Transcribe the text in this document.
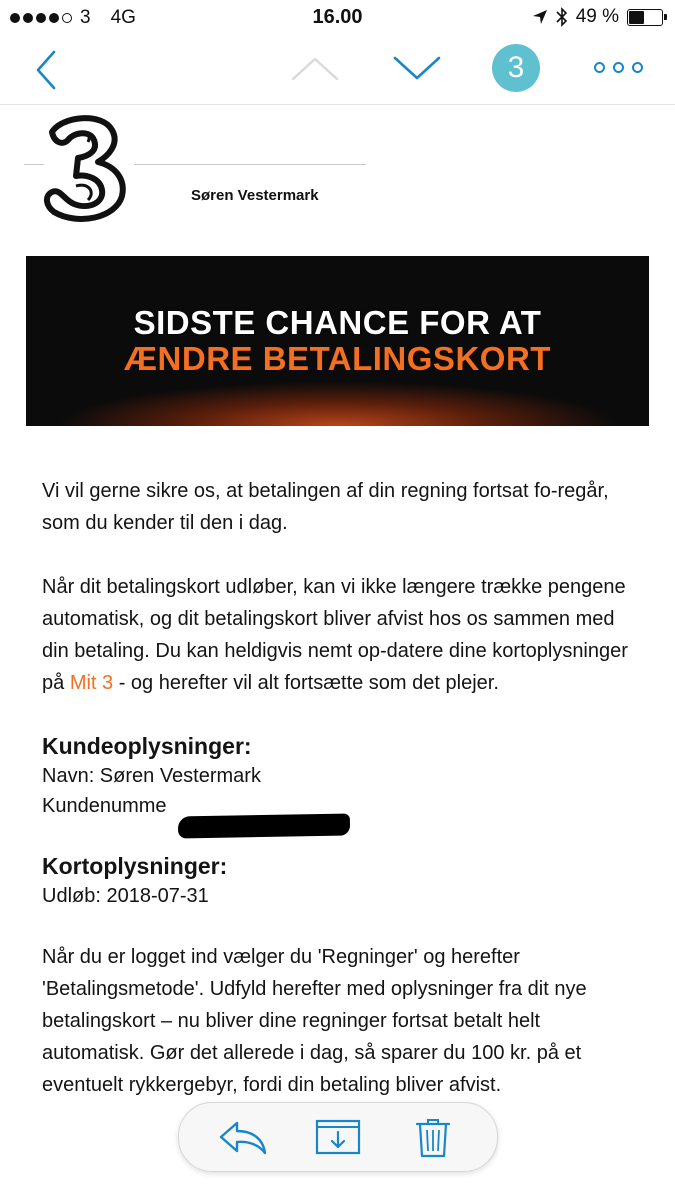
3 4G	16.00	49 %
3
Søren Vestermark
SIDSTE CHANCE FOR AT
ÆNDRE BETALINGSKORT

Vi vil gerne sikre os, at betalingen af din regning fortsat fo-regår, som du kender til den i dag.

Når dit betalingskort udløber, kan vi ikke længere trække pengene automatisk, og dit betalingskort bliver afvist hos os sammen med din betaling. Du kan heldigvis nemt op-datere dine kortoplysninger på Mit 3 - og herefter vil alt fortsætte som det plejer.

Kundeoplysninger:
Navn: Søren Vestermark
Kundenumme
Kortoplysninger:
Udløb: 2018-07-31

Når du er logget ind vælger du 'Regninger' og herefter 'Betalingsmetode'. Udfyld herefter med oplysninger fra dit nye betalingskort – nu bliver dine regninger fortsat betalt helt automatisk. Gør det allerede i dag, så sparer du 100 kr. på et eventuelt rykkergebyr, fordi din betaling bliver afvist.
